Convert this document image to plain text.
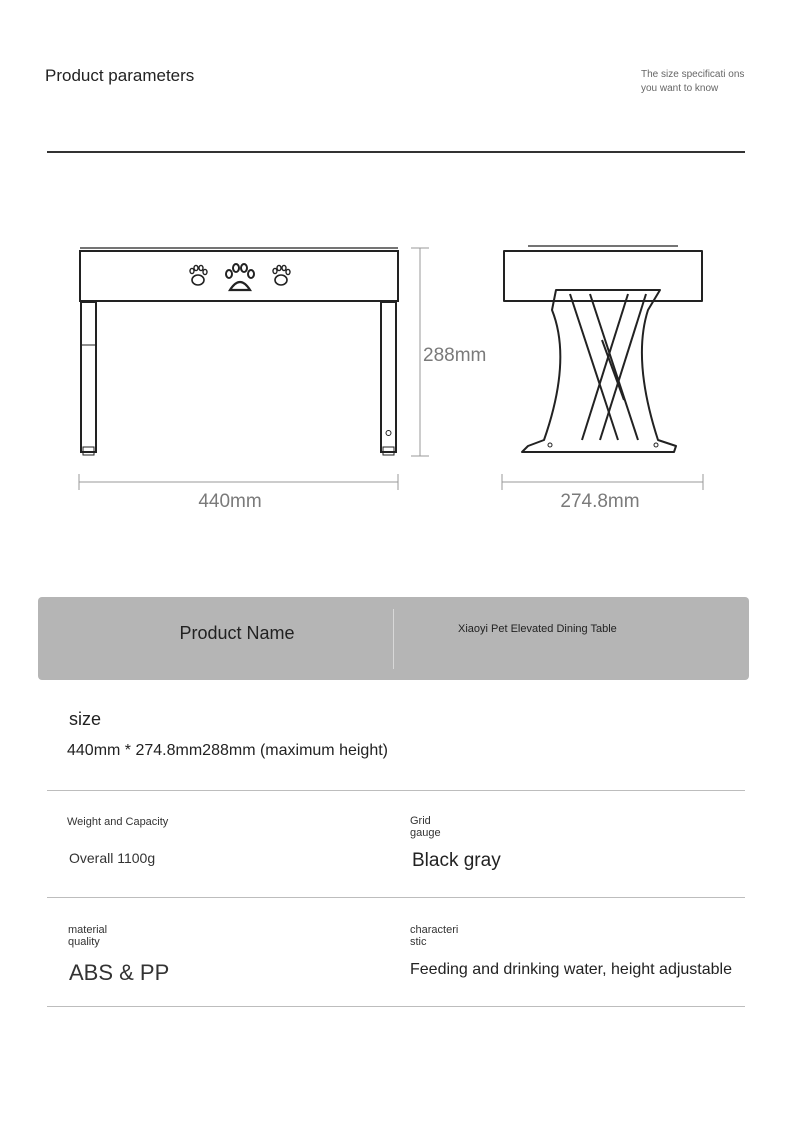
Product parameters	The size specificati ons you want to know
440mm
288mm
274.8mm
Product Name	Xiaoyi Pet Elevated Dining Table
size
440mm * 274.8mm288mm (maximum height)
Weight and Capacity
Overall 1100g
Grid
gauge
Black gray
material
quality
ABS & PP
characteri
stic
Feeding and drinking water, height adjustable
